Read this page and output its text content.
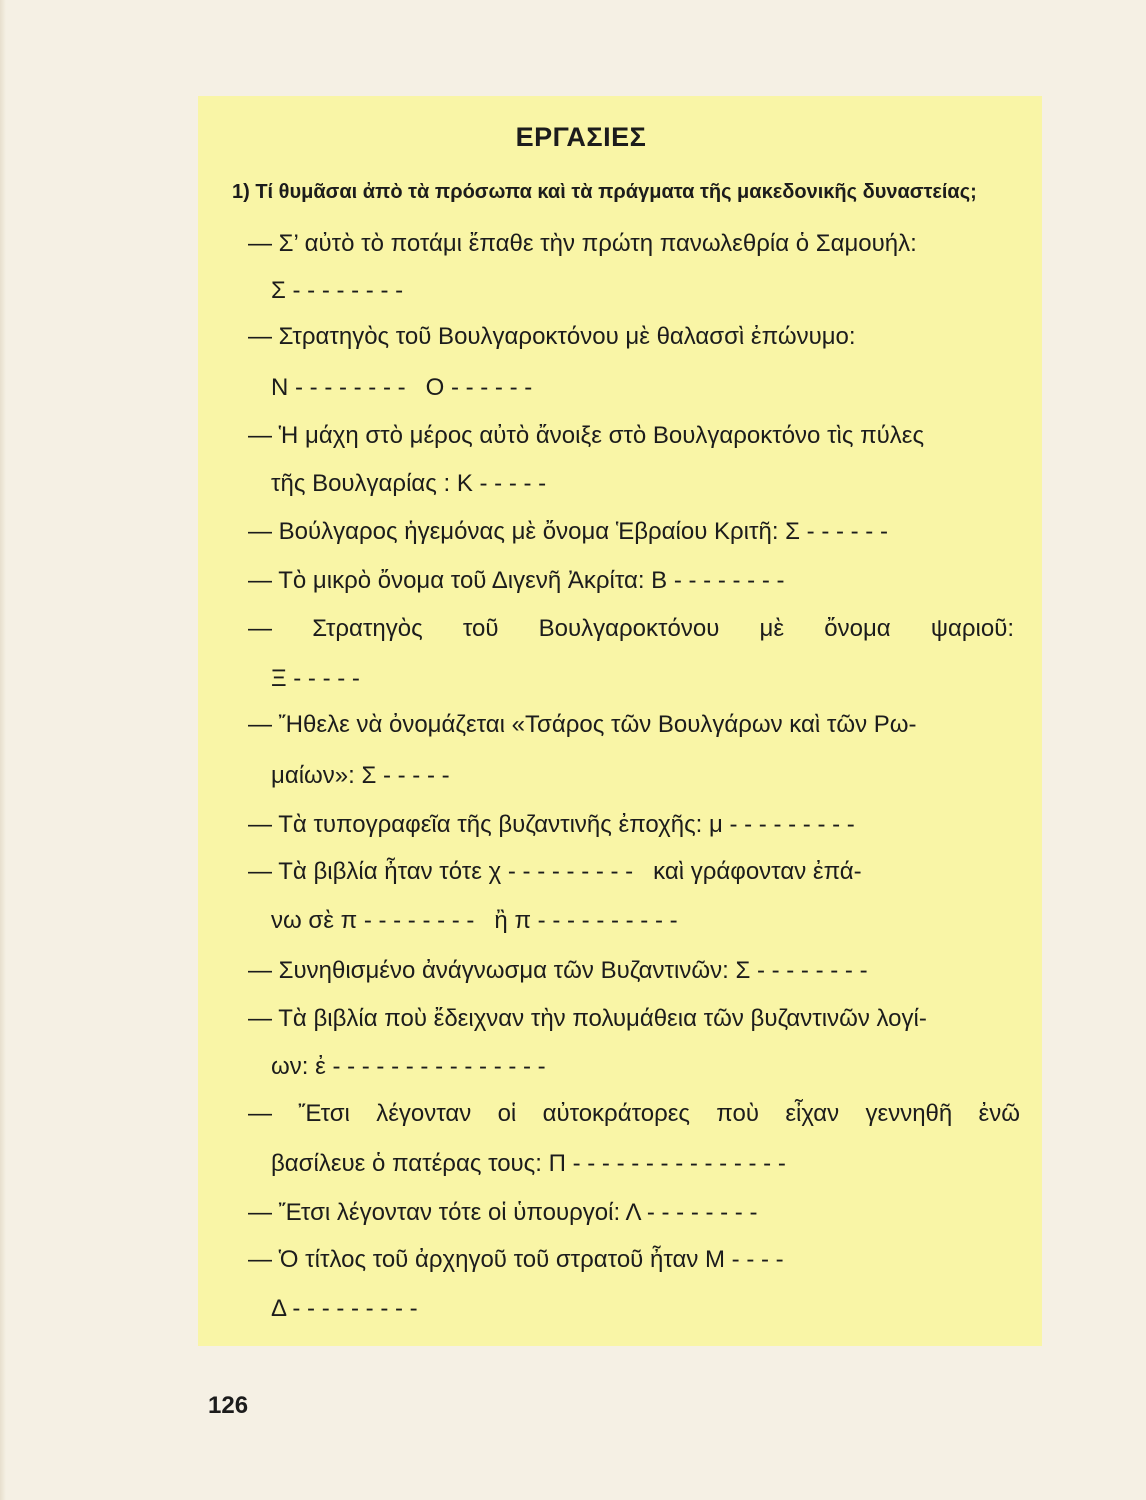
ΕΡΓΑΣΙΕΣ
1) Τί θυμᾶσαι ἀπὸ τὰ πρόσωπα καὶ τὰ πράγματα τῆς μακεδονικῆς δυναστείας;
— Σ’ αὐτὸ τὸ ποτάμι ἔπαθε τὴν πρώτη πανωλεθρία ὁ Σαμουήλ:
Σ - - - - - - - -
— Στρατηγὸς τοῦ Βουλγαροκτόνου μὲ θαλασσὶ ἐπώνυμο:
Ν - - - - - - - -   Ο - - - - - -
— Ἡ μάχη στὸ μέρος αὐτὸ ἄνοιξε στὸ Βουλγαροκτόνο τὶς πύλες
τῆς Βουλγαρίας : Κ - - - - -
— Βούλγαρος ἡγεμόνας μὲ ὄνομα Ἑβραίου Κριτῆ: Σ - - - - - -
— Τὸ μικρὸ ὄνομα τοῦ Διγενῆ Ἀκρίτα: Β - - - - - - - -
— Στρατηγὸς τοῦ Βουλγαροκτόνου μὲ ὄνομα ψαριοῦ:
Ξ - - - - -
— Ἤθελε νὰ ὀνομάζεται «Τσάρος τῶν Βουλγάρων καὶ τῶν Ρω-
μαίων»: Σ - - - - -
— Τὰ τυπογραφεῖα τῆς βυζαντινῆς ἐποχῆς: μ - - - - - - - - -
— Τὰ βιβλία ἦταν τότε χ - - - - - - - - -   καὶ γράφονταν ἐπά-
νω σὲ π - - - - - - - -   ἢ π - - - - - - - - - -
— Συνηθισμένο ἀνάγνωσμα τῶν Βυζαντινῶν: Σ - - - - - - - -
— Τὰ βιβλία ποὺ ἔδειχναν τὴν πολυμάθεια τῶν βυζαντινῶν λογί-
ων: ἐ - - - - - - - - - - - - - - -
— Ἔτσι λέγονταν οἱ αὐτοκράτορες ποὺ εἶχαν γεννηθῆ ἐνῶ
βασίλευε ὁ πατέρας τους: Π - - - - - - - - - - - - - - -
— Ἔτσι λέγονταν τότε οἱ ὑπουργοί: Λ - - - - - - - -
— Ὁ τίτλος τοῦ ἀρχηγοῦ τοῦ στρατοῦ ἦταν Μ - - - -
Δ - - - - - - - - -
126
